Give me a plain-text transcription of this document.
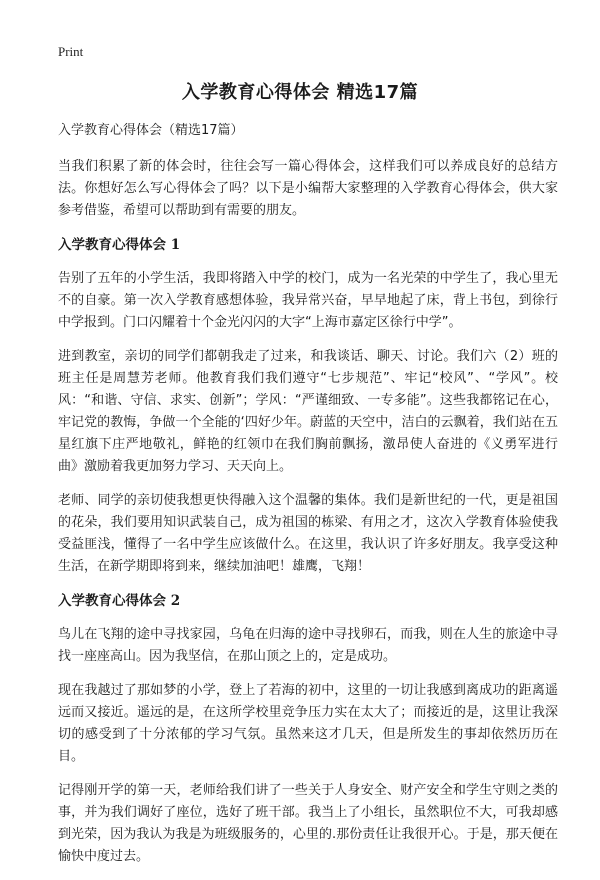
Print
入学教育心得体会 精选17篇

入学教育心得体会（精选17篇）

当我们积累了新的体会时，往往会写一篇心得体会，这样我们可以养成良好的总结方法。你想好怎么写心得体会了吗？以下是小编帮大家整理的入学教育心得体会，供大家参考借鉴，希望可以帮助到有需要的朋友。

入学教育心得体会 1

告别了五年的小学生活，我即将踏入中学的校门，成为一名光荣的中学生了，我心里无不的自豪。第一次入学教育感想体验，我异常兴奋，早早地起了床，背上书包，到徐行中学报到。门口闪耀着十个金光闪闪的大字“上海市嘉定区徐行中学”。

进到教室，亲切的同学们都朝我走了过来，和我谈话、聊天、讨论。我们六（2）班的班主任是周慧芳老师。他教育我们我们遵守“七步规范”、牢记“校风”、“学风”。校风：“和谐、守信、求实、创新”；学风：“严谨细致、一专多能”。这些我都铭记在心，牢记党的教悔，争做一个全能的‘四好少年。蔚蓝的天空中，洁白的云飘着，我们站在五星红旗下庄严地敬礼，鲜艳的红领巾在我们胸前飘扬，激昂使人奋进的《义勇军进行曲》激励着我更加努力学习、天天向上。

老师、同学的亲切使我想更快得融入这个温馨的集体。我们是新世纪的一代，更是祖国的花朵，我们要用知识武装自己，成为祖国的栋梁、有用之才，这次入学教育体验使我受益匪浅，懂得了一名中学生应该做什么。在这里，我认识了许多好朋友。我享受这种生活，在新学期即将到来，继续加油吧！雄鹰，飞翔！

入学教育心得体会 2

鸟儿在飞翔的途中寻找家园，乌龟在归海的途中寻找卵石，而我，则在人生的旅途中寻找一座座高山。因为我坚信，在那山顶之上的，定是成功。

现在我越过了那如梦的小学，登上了若海的初中，这里的一切让我感到离成功的距离遥远而又接近。遥远的是，在这所学校里竞争压力实在太大了；而接近的是，这里让我深切的感受到了十分浓郁的学习气氛。虽然来这才几天，但是所发生的事却依然历历在目。

记得刚开学的第一天，老师给我们讲了一些关于人身安全、财产安全和学生守则之类的事，并为我们调好了座位，选好了班干部。我当上了小组长，虽然职位不大，可我却感到光荣，因为我认为我是为班级服务的，心里的.那份责任让我很开心。于是，那天便在愉快中度过去。
